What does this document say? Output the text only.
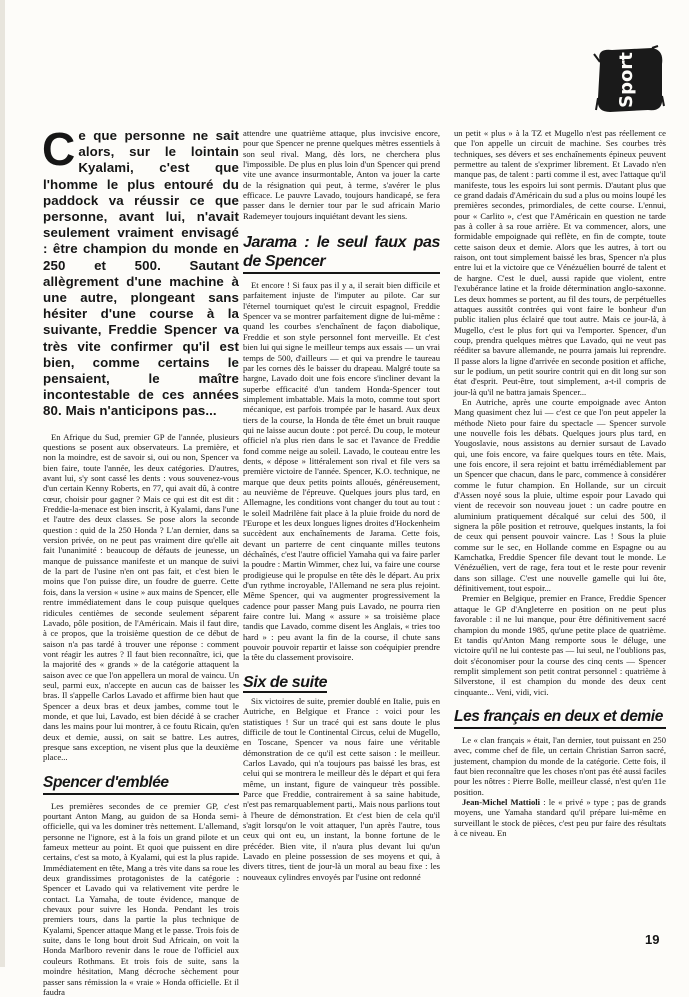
Sport
Ce que personne ne sait alors, sur le lointain Kyalami, c'est que l'homme le plus entouré du paddock va réussir ce que personne, avant lui, n'avait seulement vraiment envisagé : être champion du monde en 250 et 500. Sautant allègrement d'une machine à une autre, plongeant sans hésiter d'une course à la suivante, Freddie Spencer va très vite confirmer qu'il est bien, comme certains le pensaient, le maître incontestable de ces années 80. Mais n'anticipons pas...

En Afrique du Sud, premier GP de l'année, plusieurs questions se posent aux observateurs. La première, et non la moindre, est de savoir si, oui ou non, Spencer va bien faire, toute l'année, les deux catégories. D'autres, avant lui, s'y sont cassé les dents : vous souvenez-vous d'un certain Kenny Roberts, en 77, qui avait dû, à contre cœur, choisir pour gagner ? Mais ce qui est dit est dit : Freddie-la-menace est bien inscrit, à Kyalami, dans l'une et l'autre des deux classes. Se pose alors la seconde question : quid de la 250 Honda ? L'an dernier, dans sa version privée, on ne peut pas vraiment dire qu'elle ait fait l'unanimité : beaucoup de défauts de jeunesse, un manque de puissance manifeste et un manque de suivi de la part de l'usine n'en ont pas fait, et c'est bien le moins que l'on puisse dire, un foudre de guerre. Cette fois, dans la version « usine » aux mains de Spencer, elle rentre immédiatement dans le coup puisque quelques ridicules centièmes de seconde seulement séparent Lavado, pôle position, de l'Américain. Mais il faut dire, à ce propos, que la troisième question de ce début de saison n'a pas tardé à trouver une réponse : comment vont réagir les autres ? Il faut bien reconnaître, ici, que la majorité des « grands » de la catégorie attaquent la saison avec ce que l'on appellera un moral de vaincu. Un seul, parmi eux, n'accepte en aucun cas de baisser les bras. Il s'appelle Carlos Lavado et affirme bien haut que Spencer a deux bras et deux jambes, comme tout le monde, et que lui, Lavado, est bien décidé à se cracher dans les mains pour lui montrer, à ce foutu Ricain, qu'en deux et demie, aussi, on sait se battre. Les autres, presque sans exception, ne visent plus que la deuxième place...

Spencer d'emblée

Les premières secondes de ce premier GP, c'est pourtant Anton Mang, au guidon de sa Honda semi-officielle, qui va les dominer très nettement. L'allemand, personne ne l'ignore, est à la fois un grand pilote et un fameux metteur au point. Et quoi que puissent en dire certains, c'est sa moto, à Kyalami, qui est la plus rapide. Immédiatement en tête, Mang a très vite dans sa roue les deux grandissimes protagonistes de la catégorie : Spencer et Lavado qui va relativement vite perdre le contact. La Yamaha, de toute évidence, manque de chevaux pour suivre les Honda. Pendant les trois premiers tours, dans la partie la plus technique de Kyalami, Spencer attaque Mang et le passe. Trois fois de suite, dans le long bout droit Sud Africain, on voit la Honda Marlboro revenir dans le roue de l'officiel aux couleurs Rothmans. Et trois fois de suite, sans la moindre hésitation, Mang décroche sèchement pour passer sans rémission la « vraie » Honda officielle. Et il faudra

attendre une quatrième attaque, plus invcisive encore, pour que Spencer ne prenne quelques mètres essentiels à son seul rival. Mang, dès lors, ne cherchera plus l'impossible. De plus en plus loin d'un Spencer qui prend vite une avance insurmontable, Anton va jouer la carte de la résignation qui peut, à terme, s'avérer le plus efficace. Le pauvre Lavado, toujours handicapé, se fera passer dans le dernier tour par le sud africain Mario Rademeyer toujours inquiétant devant les siens.

Jarama : le seul faux pas de Spencer

Et encore ! Si faux pas il y a, il serait bien difficile et parfaitement injuste de l'imputer au pilote. Car sur l'éternel tourniquet qu'est le circuit espagnol, Freddie Spencer va se montrer parfaitement digne de lui-même : quand les courbes s'enchaînent de façon diabolique, Freddie et son style personnel font merveille. Et c'est bien lui qui signe le meilleur temps aux essais — un vrai temps de 500, d'ailleurs — et qui va prendre le taureau par les cornes dès le baisser du drapeau. Malgré toute sa hargne, Lavado doit une fois encore s'incliner devant la superbe efficacité d'un tandem Honda-Spencer tout simplement imbattable. Mais la moto, comme tout sport mécanique, est parfois trompée par le hasard. Aux deux tiers de la course, la Honda de tête émet un bruit rauque qui ne laisse aucun doute : pot percé. Du coup, le moteur officiel n'a plus rien dans le sac et l'avance de Freddie fond comme neige au soleil. Lavado, le couteau entre les dents, « dépose » littéralement son rival et file vers sa première victoire de l'année. Spencer, K.O. technique, ne marque que deux petits points alloués, généreusement, au neuvième de l'épreuve. Quelques jours plus tard, en Allemagne, les conditions vont changer du tout au tout : le soleil Madrilène fait place à la pluie froide du nord de l'Europe et les deux longues lignes droites d'Hockenheim succèdent aux enchaînements de Jarama. Cette fois, devant un parterre de cent cinquante milles teutons déchaînés, c'est l'autre officiel Yamaha qui va faire parler la poudre : Martin Wimmer, chez lui, va faire une course prodigieuse qui le propulse en tête dès le départ. Au prix d'un rythme incroyable, l'Allemand ne sera plus rejoint. Même Spencer, qui va augmenter progressivement la cadence pour passer Mang puis Lavado, ne pourra rien faire contre lui. Mang « assure » sa troisième place tandis que Lavado, comme disent les Anglais, « tries too hard » : peu avant la fin de la course, il chute sans pouvoir pouvoir repartir et laisse son coéquipier prendre la tête du classement provisoire.

Six de suite

Six victoires de suite, premier doublé en Italie, puis en Autriche, en Belgique et France : voici pour les statistiques ! Sur un tracé qui est sans doute le plus difficile de tout le Continental Circus, celui de Mugello, en Toscane, Spencer va nous faire une véritable démonstration de ce qu'il est cette saison : le meilleur. Carlos Lavado, qui n'a toujours pas baissé les bras, est celui qui se montrera le meilleur dès le départ et qui fera même, un instant, figure de vainqueur très possible. Parce que Freddie, contrairement à sa saine habitude, n'est pas remarquablement parti,. Mais nous parlions tout à l'heure de démonstration. Et c'est bien de cela qu'il s'agit lorsqu'on le voit attaquer, l'un après l'autre, tous ceux qui ont eu, un instant, la bonne fortune de le précéder. Bien vite, il n'aura plus devant lui qu'un Lavado en pleine possession de ses moyens et qui, à divers titres, tient de jour-là un moral au beau fixe : les nouveaux cylindres envoyés par l'usine ont redonné

un petit « plus » à la TZ et Mugello n'est pas réellement ce que l'on appelle un circuit de machine. Ses courbes très techniques, ses dévers et ses enchaînements épineux peuvent permettre au talent de s'exprimer librement. Et Lavado n'en manque pas, de talent : parti comme il est, avec l'attaque qu'il manifeste, tous les espoirs lui sont permis. D'autant plus que ce grand dadais d'Américain du sud a plus ou moins loupé les premières secondes, primordiales, de cette course. L'ennui, pour « Carlito », c'est que l'Américain en question ne tarde pas à coller à sa roue arrière. Et va commencer, alors, une formidable empoignade qui reflète, en fin de compte, toute cette saison deux et demie. Alors que les autres, à tort ou raison, ont tout simplement baissé les bras, Spencer n'a plus entre lui et la victoire que ce Vénézuélien bourré de talent et de hargne. C'est le duel, aussi rapide que violent, entre l'exubérance latine et la froide détermination anglo-saxonne. Les deux hommes se portent, au fil des tours, de perpétuelles attaques aussitôt contrées qui vont faire le bonheur d'un public italien plus éclairé que tout autre. Mais ce jour-là, à Mugello, c'est le plus fort qui va l'emporter. Spencer, d'un coup, prendra quelques mètres que Lavado, qui ne veut pas rééditer sa bavure allemande, ne pourra jamais lui reprendre. Il passe alors la ligne d'arrivée en seconde position et affiche, sur le podium, un petit sourire contrit qui en dit long sur son état d'esprit. Peut-être, tout simplement, a-t-il compris de jour-là qu'il ne battra jamais Spencer...

En Autriche, après une courte empoignade avec Anton Mang quasiment chez lui — c'est ce que l'on peut appeler la méthode Nieto pour faire du spectacle — Spencer survole une nouvelle fois les débats. Quelques jours plus tard, en Yougoslavie, nous assistons au dernier sursaut de Lavado qui, une fois encore, va faire quelques tours en tête. Mais, une fois encore, il sera rejoint et battu irrémédiablement par un Spencer que chacun, dans le parc, commence à considérer comme le futur champion. En Hollande, sur un circuit d'Assen noyé sous la pluie, ultime espoir pour Lavado qui vient de recevoir son nouveau jouet : un cadre poutre en aluminium pratiquement décalqué sur celui des 500, il signera la pôle position et retrouve, quelques instants, la foi de ceux qui pensent pouvoir vaincre. Las ! Sous la pluie comme sur le sec, en Hollande comme en Espagne ou au Kamchatka, Freddie Spencer file devant tout le monde. Le Vénézuélien, vert de rage, fera tout et le reste pour revenir dans son sillage. C'est une nouvelle gamelle qui lui ôte, définitivement, tout espoir...

Premier en Belgique, premier en France, Freddie Spencer attaque le GP d'Angleterre en position on ne peut plus favorable : il ne lui manque, pour être définitivement sacré champion du monde 1985, qu'une petite place de quatrième. Et tandis qu'Anton Mang remporte sous le déluge, une victoire qu'il ne lui conteste pas — lui seul, ne l'oublions pas, doit s'économiser pour la course des cinq cents — Spencer remplit simplement son petit contrat personnel : quatrième à Silverstone, il est champion du monde des deux cent cinquante... Veni, vidi, vici.

Les français en deux et demie

Le « clan français » était, l'an dernier, tout puissant en 250 avec, comme chef de file, un certain Christian Sarron sacré, justement, champion du monde de la catégorie. Cette fois, il faut bien reconnaître que les choses n'ont pas été aussi faciles pour les nôtres : Pierre Bolle, meilleur classé, n'est qu'en 11e position.

Jean-Michel Mattioli : le « privé » type ; pas de grands moyens, une Yamaha standard qu'il prépare lui-même en surveillant le stock de pièces, c'est peu pur faire des résultats à ce niveau. En

19
